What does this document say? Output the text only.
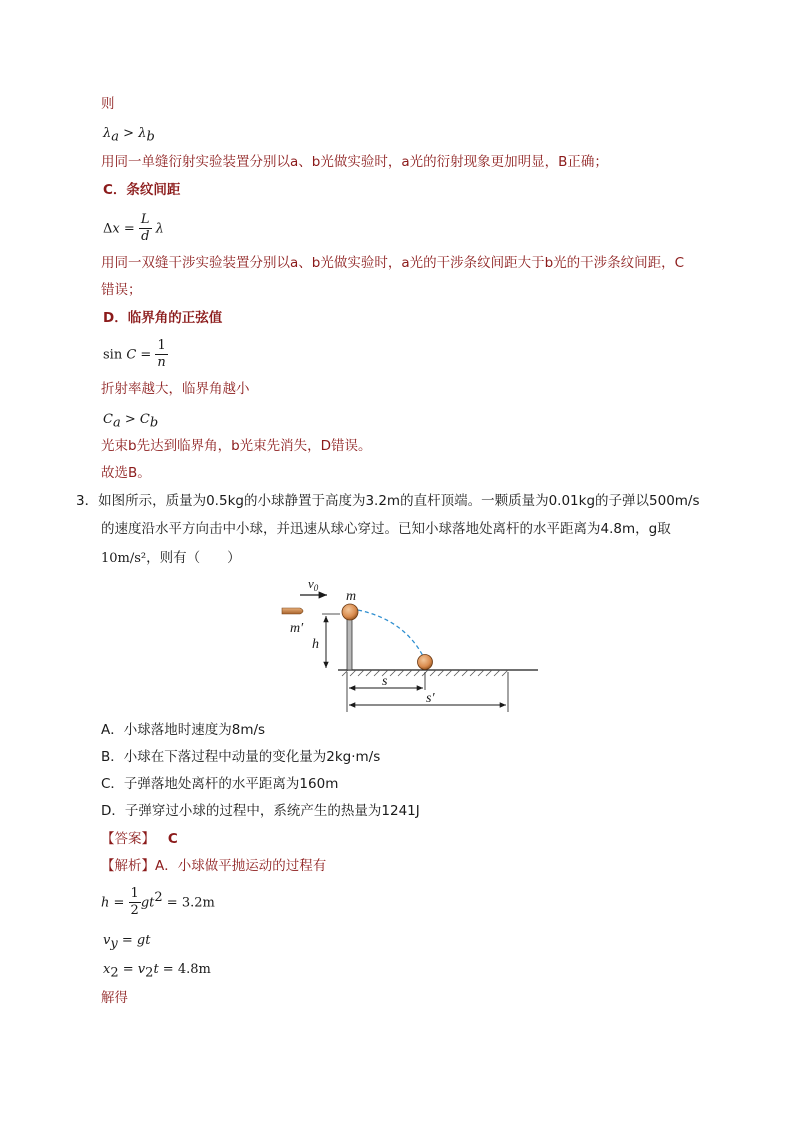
则
$\lambda_a > \lambda_b$
用同一单缝衍射实验装置分别以a、b光做实验时，a光的衍射现象更加明显，B正确；
C．条纹间距
$\Delta x = \frac{L}{d}$ λ
用同一双缝干涉实验装置分别以a、b光做实验时，a光的干涉条纹间距大于b光的干涉条纹间距，C
错误；
D．临界角的正弦值
$\sin C = \frac{1}{n}$
折射率越大，临界角越小
$C_a > C_b$
光束b先达到临界角，b光束先消失，D错误。
故选B。
3．如图所示，质量为0.5kg的小球静置于高度为3.2m的直杆顶端。一颗质量为0.01kg的子弹以500m/s
的速度沿水平方向击中小球，并迅速从球心穿过。已知小球落地处离杆的水平距离为4.8m，g取
10m/s²，则有（　　）
$v_0$
m
m′
h
s
s′
A．小球落地时速度为8m/s
B．小球在下落过程中动量的变化量为2kg·m/s
C．子弹落地处离杆的水平距离为160m
D．子弹穿过小球的过程中，系统产生的热量为1241J
【答案】 C
【解析】A．小球做平抛运动的过程有
$h = \frac{1}{2} gt^2 = 3.2m$
$v_y$ = gt
$x_2 = v_2t = 4.8m$
解得
